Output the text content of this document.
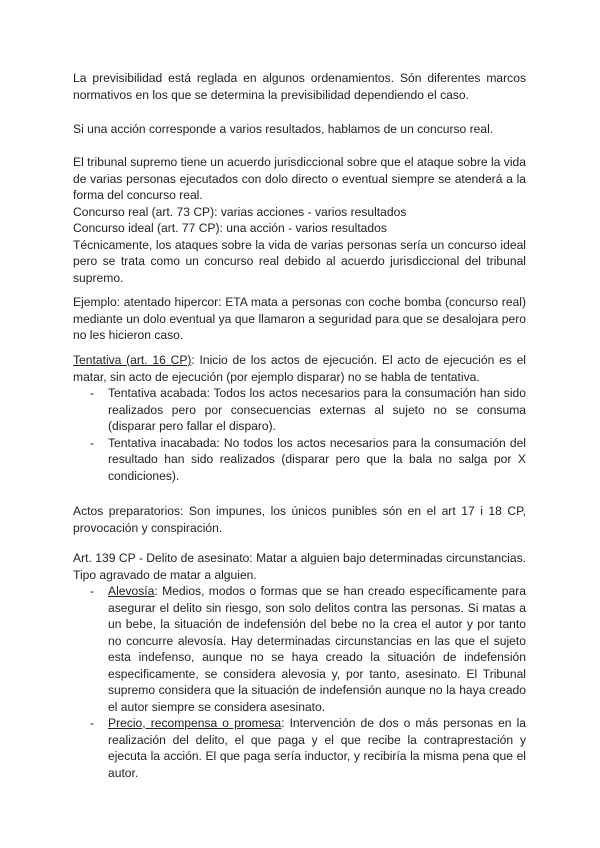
La previsibilidad está reglada en algunos ordenamientos. Són diferentes marcos normativos en los que se determina la previsibilidad dependiendo el caso.

Si una acción corresponde a varios resultados, hablamos de un concurso real.

El tribunal supremo tiene un acuerdo jurisdiccional sobre que el ataque sobre la vida de varias personas ejecutados con dolo directo o eventual siempre se atenderá a la forma del concurso real.
Concurso real (art. 73 CP): varias acciones - varios resultados
Concurso ideal (art. 77 CP): una acción - varios resultados
Técnicamente, los ataques sobre la vida de varias personas sería un concurso ideal pero se trata como un concurso real debido al acuerdo jurisdiccional del tribunal supremo.

Ejemplo: atentado hipercor: ETA mata a personas con coche bomba (concurso real) mediante un dolo eventual ya que llamaron a seguridad para que se desalojara pero no les hicieron caso.

Tentativa (art. 16 CP): Inicio de los actos de ejecución. El acto de ejecución es el matar, sin acto de ejecución (por ejemplo disparar) no se habla de tentativa.
- Tentativa acabada: Todos los actos necesarios para la consumación han sido realizados pero por consecuencias externas al sujeto no se consuma (disparar pero fallar el disparo).
- Tentativa inacabada: No todos los actos necesarios para la consumación del resultado han sido realizados (disparar pero que la bala no salga por X condiciones).

Actos preparatorios: Son impunes, los únicos punibles són en el art 17 i 18 CP, provocación y conspiración.

Art. 139 CP - Delito de asesinato: Matar a alguien bajo determinadas circunstancias. Tipo agravado de matar a alguien.
- Alevosía: Medios, modos o formas que se han creado específicamente para asegurar el delito sin riesgo, son solo delitos contra las personas. Si matas a un bebe, la situación de indefensión del bebe no la crea el autor y por tanto no concurre alevosía. Hay determinadas circunstancias en las que el sujeto esta indefenso, aunque no se haya creado la situación de indefensión especificamente, se considera alevosia y, por tanto, asesinato. El Tribunal supremo considera que la situación de indefensión aunque no la haya creado el autor siempre se considera asesinato.
- Precio, recompensa o promesa: Intervención de dos o más personas en la realización del delito, el que paga y el que recibe la contraprestación y ejecuta la acción. El que paga sería inductor, y recibiría la misma pena que el autor.
